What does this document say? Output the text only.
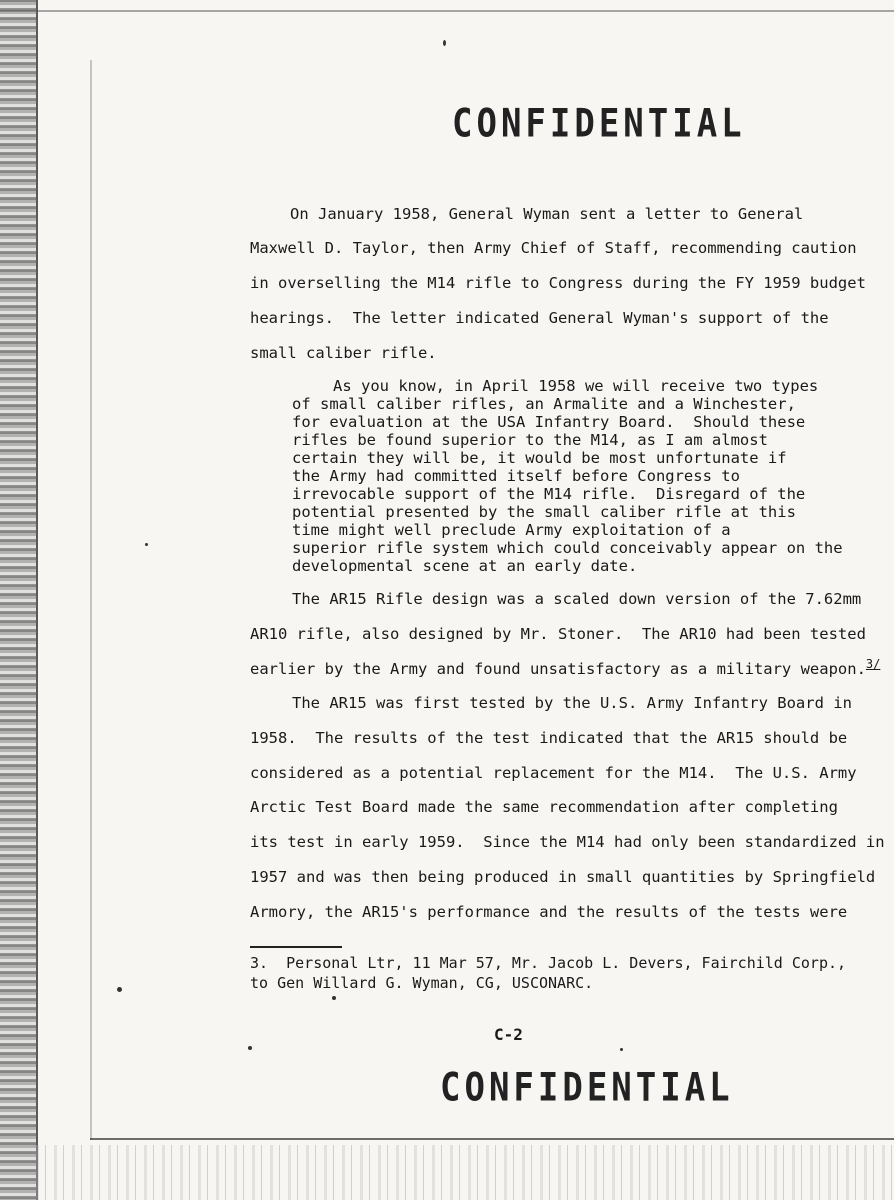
CONFIDENTIAL
On January 1958, General Wyman sent a letter to General
Maxwell D. Taylor, then Army Chief of Staff, recommending caution
in overselling the M14 rifle to Congress during the FY 1959 budget
hearings.  The letter indicated General Wyman's support of the
small caliber rifle.
As you know, in April 1958 we will receive two types
of small caliber rifles, an Armalite and a Winchester,
for evaluation at the USA Infantry Board.  Should these
rifles be found superior to the M14, as I am almost
certain they will be, it would be most unfortunate if
the Army had committed itself before Congress to
irrevocable support of the M14 rifle.  Disregard of the
potential presented by the small caliber rifle at this
time might well preclude Army exploitation of a
superior rifle system which could conceivably appear on the
developmental scene at an early date.
The AR15 Rifle design was a scaled down version of the 7.62mm
AR10 rifle, also designed by Mr. Stoner.  The AR10 had been tested
earlier by the Army and found unsatisfactory as a military weapon.$^{3/}$
The AR15 was first tested by the U.S. Army Infantry Board in
1958.  The results of the test indicated that the AR15 should be
considered as a potential replacement for the M14.  The U.S. Army
Arctic Test Board made the same recommendation after completing
its test in early 1959.  Since the M14 had only been standardized in
1957 and was then being produced in small quantities by Springfield
Armory, the AR15's performance and the results of the tests were
3.  Personal Ltr, 11 Mar 57, Mr. Jacob L. Devers, Fairchild Corp.,
to Gen Willard G. Wyman, CG, USCONARC.
C-2
CONFIDENTIAL
